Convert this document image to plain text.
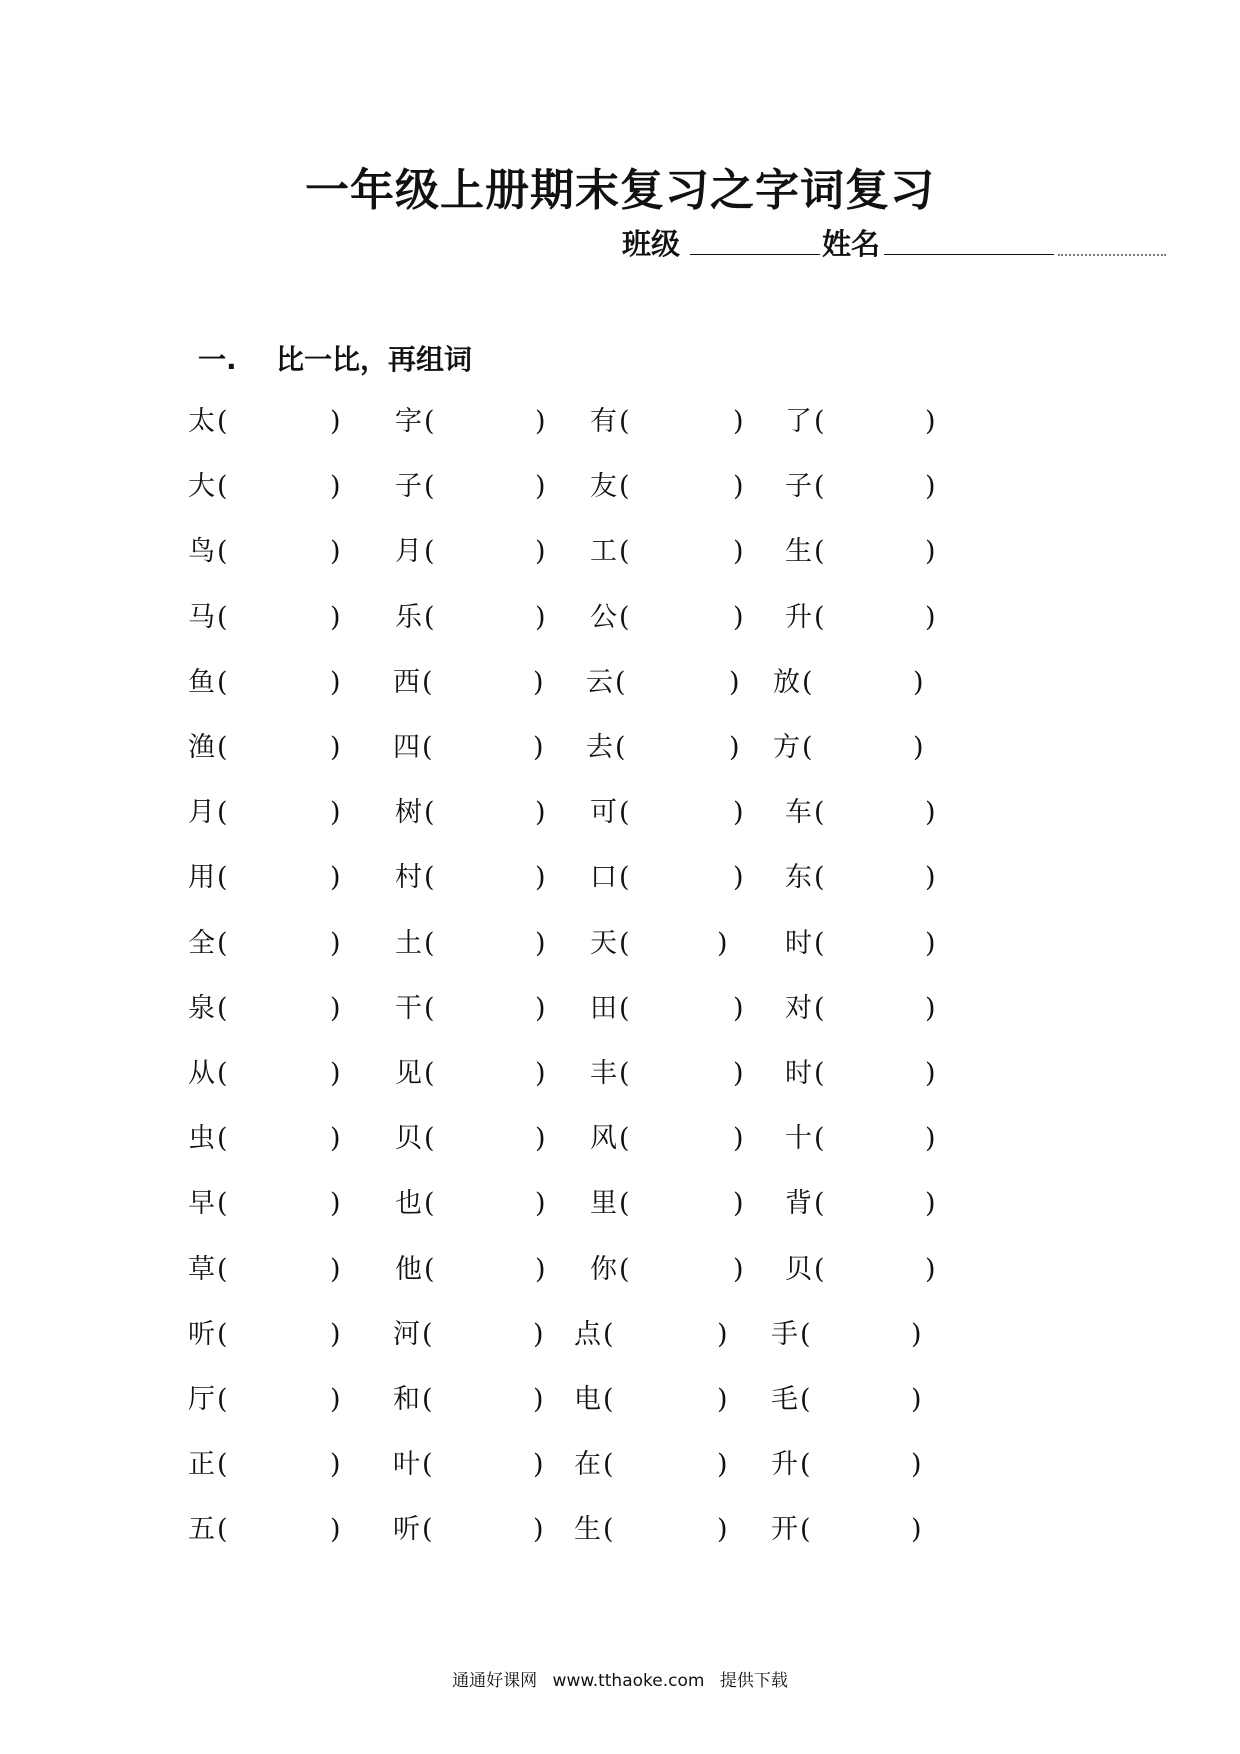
一年级上册期末复习之字词复习
班级	姓名
一. 比一比，再组词
太 (	) 字 (	) 有 (	) 了 (	)
大 (	) 子 (	) 友 (	) 子 (	)
鸟 (	) 月 (	) 工 (	) 生 (	)
马 (	) 乐 (	) 公 (	) 升 (	)
鱼 (	) 西 (	) 云 (	) 放 (	)
渔 (	) 四 (	) 去 (	) 方 (	)
月 (	) 树 (	) 可 (	) 车 (	)
用 (	) 村 (	) 口 (	) 东 (	)
全 (	) 土 (	) 天 (	) 时 (	)
泉 (	) 干 (	) 田 (	) 对 (	)
从 (	) 见 (	) 丰 (	) 时 (	)
虫 (	) 贝 (	) 风 (	) 十 (	)
早 (	) 也 (	) 里 (	) 背 (	)
草 (	) 他 (	) 你 (	) 贝 (	)
听 (	) 河 (	) 点 (	) 手 (	)
厅 (	) 和 (	) 电 (	) 毛 (	)
正 (	) 叶 (	) 在 (	) 升 (	)
五 (	) 听 (	) 生 (	) 开 (	)
通通好课网 www.tthaoke.com 提供下载
